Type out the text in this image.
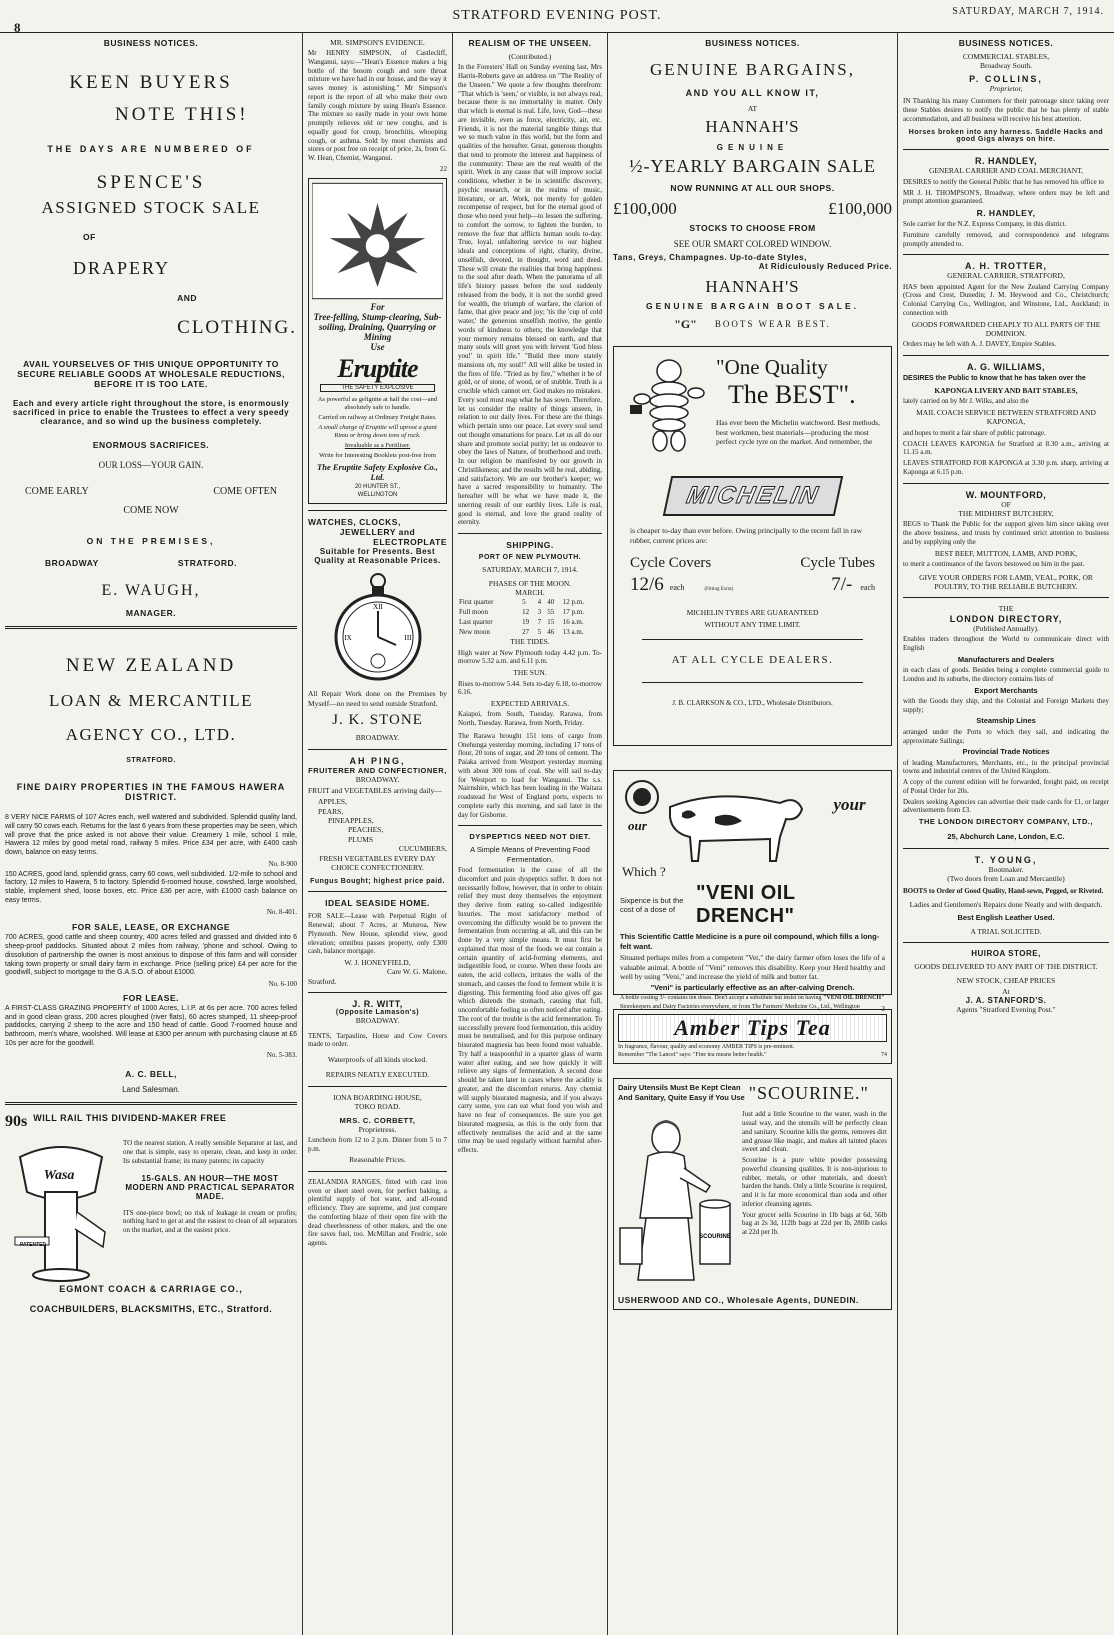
8
STRATFORD EVENING POST.	SATURDAY, MARCH 7, 1914.
BUSINESS NOTICES.
KEEN BUYERS
NOTE THIS!
THE DAYS ARE NUMBERED OF
SPENCE'S
ASSIGNED STOCK SALE
OF
DRAPERY
AND
CLOTHING.
AVAIL YOURSELVES OF THIS UNIQUE OPPORTUNITY TO SECURE RELIABLE GOODS AT WHOLESALE REDUCTIONS, BEFORE IT IS TOO LATE.
Each and every article right throughout the store, is enormously sacrificed in price to enable the Trustees to effect a very speedy clearance, and so wind up the business completely.
ENORMOUS SACRIFICES.
OUR LOSS—YOUR GAIN.
COME EARLY	COME OFTEN
COME NOW
ON THE PREMISES,
BROADWAY	STRATFORD.
E. WAUGH,
MANAGER.
NEW ZEALAND
LOAN & MERCANTILE
AGENCY CO., LTD.
STRATFORD.
FINE DAIRY PROPERTIES IN THE FAMOUS HAWERA DISTRICT.

8 VERY NICE FARMS of 107 Acres each, well watered and subdivided. Splendid quality land, will carry 50 cows each. Returns for the last 6 years from these properties may be seen, which will prove that the price asked is not above their value. Creamery 1 mile, school 1 mile, Hawera 12 miles by good metal road, railway 5 miles. Price £34 per acre, with £400 cash down, balance on easy terms.

No. 8-900

150 ACRES, good land, splendid grass, carry 60 cows, well subdivided. 1/2-mile to school and factory, 12 miles to Hawera, 5 to factory. Splendid 6-roomed house, cowshed, large woolshed, stable, implement shed, loose boxes, etc. Price £36 per acre, with £1000 cash balance on easy terms.

No. 8-401.

FOR SALE, LEASE, OR EXCHANGE

700 ACRES, good cattle and sheep country, 400 acres felled and grassed and divided into 6 sheep-proof paddocks. Situated about 2 miles from railway, 'phone and school. Owing to dissolution of partnership the owner is most anxious to dispose of this farm and will consider taking town property or small dairy farm in exchange. Price (selling price) £4 per acre for the goodwill, subject to mortgage to the G.A.S.O. of about £1000.

No. 6-100

FOR LEASE.

A FIRST-CLASS GRAZING PROPERTY of 1000 Acres, L.I.P. at 6s per acre. 700 acres felled and in good clean grass, 200 acres ploughed (river flats), 60 acres stumped, 11 sheep-proof paddocks, carrying 2 sheep to the acre and 150 head of cattle. Good 7-roomed house and bathroom, men's whare, woolshed. Will lease at £300 per annum with purchasing clause at £6 10s per acre for the goodwill.

No. 5-383.

A. C. BELL,
Land Salesman.
90s WILL RAIL THIS DIVIDEND-MAKER FREE
Wasa
PATENTED

TO the nearest station. A really sensible Separator at last, and one that is simple, easy to operate, clean, and keep in order. Its substantial frame; its many patents; its capacity

15-GALS. AN HOUR—THE MOST MODERN AND PRACTICAL SEPARATOR MADE.

ITS one-piece bowl; no risk of leakage in cream or profits; nothing hard to get at and the easiest to clean of all separators on the market, and at the easiest price.

EGMONT COACH & CARRIAGE CO.,
COACHBUILDERS, BLACKSMITHS, ETC., Stratford.
MR. SIMPSON'S EVIDENCE.

Mr HENRY SIMPSON, of Castlecliff, Wanganui, says:—"Hean's Essence makes a big bottle of the bosom cough and sore throat mixture we have had in our house, and the way it saves money is astonishing." Mr Simpson's report is the report of all who make their own family cough mixture by using Hean's Essence. The mixture so easily made in your own home promptly relieves old or new coughs, and is equally good for croup, bronchitis, whooping cough, or asthma. Sold by most chemists and stores or post free on receipt of price, 2s, from G. W. Hean, Chemist, Wanganui.

22

For
Tree-felling, Stump-clearing, Sub-soiling, Draining, Quarrying or Mining
Use
Eruptite
THE SAFETY EXPLOSIVE

As powerful as gelignite at half the cost—and absolutely safe to handle.

Carried on railway at Ordinary Freight Rates.

A small charge of Eruptite will uproot a giant Rimu or bring down tons of rock.

Invaluable as a Fertiliser.

Write for Interesting Booklets post-free from

The Eruptite Safety Explosive Co., Ltd.

20 HUNTER ST.,

WELLINGTON

WATCHES, CLOCKS,
JEWELLERY and
ELECTROPLATE
Suitable for Presents. Best Quality at Reasonable Prices.
XII
III
IX

All Repair Work done on the Premises by Myself—no need to send outside Stratford.

J. K. STONE
BROADWAY.
AH PING,
FRUITERER AND CONFECTIONER,
BROADWAY.

FRUIT and VEGETABLES arriving daily—

APPLES,
PEARS,
PINEAPPLES,
PEACHES,
PLUMS
CUCUMBERS,
FRESH VEGETABLES EVERY DAY
CHOICE CONFECTIONERY.
Fungus Bought; highest price paid.
IDEAL SEASIDE HOME.

FOR SALE—Lease with Perpetual Right of Renewal; about 7 Acres, at Muturoa, New Plymouth. New House, splendid view, good elevation; omnibus passes property, only £300 cash, balance mortgage.

W. J. HONEYFIELD,
Care W. G. Malone,
Stratford.
J. R. WITT,
(Opposite Lamason's)
BROADWAY.

TENTS, Tarpaulins, Horse and Cow Covers made to order.

Waterproofs of all kinds stocked.

REPAIRS NEATLY EXECUTED.

IONA BOARDING HOUSE,
TOKO ROAD.
MRS. C. CORBETT,
Proprietress.

Luncheon from 12 to 2 p.m. Dinner from 5 to 7 p.m.

Reasonable Prices.

ZEALANDIA RANGES, fitted with cast iron oven or sheet steel oven, for perfect baking, a plentiful supply of hot water, and all-round efficiency. They are supreme, and just compare the comforting blaze of their open fire with the dead cheerlessness of other makes, and the one fire saves fuel, too. McMillan and Fredric, sole agents.

REALISM OF THE UNSEEN.
(Contributed.)

In the Foresters' Hall on Sunday evening last, Mrs Harris-Roberts gave an address on "The Reality of the Unseen." We quote a few thoughts therefrom: "That which is 'seen,' or visible, is not always real, because there is no immortality in matter. Only that which is eternal is real. Life, love, God—these are invisible, even as force, electricity, air, etc. Friends, it is not the material tangible things that we so much value in this world, but the form and qualities of the hereafter. Great, generous thoughts that tend to promote the interest and happiness of the community: These are the real wealth of the spirit. Work in any cause that will improve social conditions, whether it be in scientific discovery, psychic research, or in the realms of music, literature, or art. Work, not merely for golden recompense of respect, but for the eternal good of those who need your help—to lessen the suffering, to comfort the sorrow, to lighten the burden, to remove the fear that afflicts human souls to-day. True, loyal, unfaltering service to our highest ideals and conceptions of right, charity, divine, unselfish, devoted, in thought, word and deed. These will create the realities that bring happiness to the soul after death. When the panorama of all life's history passes before the soul suddenly released from the body, it is not the sordid greed for wealth, the triumph of warfare, the clarion of fame, that give peace and joy; 'tis the 'cup of cold water,' the generous unselfish motive, the gentle words of kindness to others; the knowledge that your memory remains blessed on earth, and that many souls will greet you with fervent 'God bless you!' in spirit life." "Build thee more stately mansions oh, my soul!" All will alike be tested in the fires of life. "Tried as by fire," whether it be of gold, or of stone, of wood, or of stubble. Truth is a crucible which cannot err. God makes no mistakes. Every soul must reap what he has sown. Therefore, let us consider the reality of things unseen, in relation to our daily lives. For these are the things which pertain unto our peace. Let every soul send out thought emanations for peace. Let us all do our share and promote social purity; let us endeavor to obey the laws of Nature, of brotherhood and truth. In our religion be manifested by our growth in Christlikeness; and the results will be real, abiding, and satisfactory. We are our brother's keeper; we have a sacred responsibility to humanity. The hereafter will be what we have made it, the unerring result of our earthly lives. Life is real, good is eternal, and love the grand reality of eternity.

SHIPPING.
PORT OF NEW PLYMOUTH.
SATURDAY, MARCH 7, 1914.
PHASES OF THE MOON.
MARCH.
First quarter	5	4	40	12 p.m.
Full moon	12	3	55	17 p.m.
Last quarter	19	7	15	16 a.m.
New moon	27	5	46	13 a.m.
THE TIDES.

High water at New Plymouth today 4.42 p.m. To-morrow 5.32 a.m. and 6.11 p.m.

THE SUN.

Rises to-morrow 5.44. Sets to-day 6.18, to-morrow 6.16.

EXPECTED ARRIVALS.

Kaiapoi, from South, Tuesday. Rarawa, from North, Tuesday. Rarawa, from North, Friday.

The Rarawa brought 151 tons of cargo from Onehunga yesterday morning, including 17 tons of flour, 20 tons of sugar, and 20 tons of cement. The Paiaka arrived from Westport yesterday morning with about 300 tons of coal. She will sail to-day for Westport to load for Wanganui. The s.s. Nairnshire, which has been loading in the Waitara roadstead for West of England ports, expects to complete early this morning, and sail later in the day for Gisborne.

DYSPEPTICS NEED NOT DIET.
A Simple Means of Preventing Food Fermentation.

Food fermentation is the cause of all the discomfort and pain dyspeptics suffer. It does not necessarily follow, however, that in order to obtain relief they must deny themselves the enjoyment they derive from eating so-called indigestible luxuries. The most satisfactory method of overcoming the difficulty would be to prevent the fermentation from occurring at all, and this can be done by a very simple means. It must first be explained that most of the foods we eat contain a certain quantity of acid-forming elements, and indigestible food, or course. When these foods are eaten, the acid collects, irritates the walls of the stomach, and causes the food to ferment while it is digesting. This fermenting food also gives off gas which distends the stomach, causing that full, uncomfortable feeling so often noticed after eating. The root of the trouble is the acid fermentation. To successfully prevent food fermentation, this acidity must be neutralised, and for this purpose ordinary bisurated magnesia has been found most valuable. Try half a teaspoonful in a quarter glass of warm water after eating, and see how quickly it will relieve any signs of fermentation. A second dose should be taken later in cases where the acidity is greater, and the discomfort returns. Any chemist will supply bisurated magnesia, and if you always carry some, you can eat what food you wish and have no fear of consequences. Be sure you get bisurated magnesia, as this is the only form that effectively neutralises the acid and at the same time may be used regularly without harmful after-effects.

BUSINESS NOTICES.
GENUINE BARGAINS,
AND YOU ALL KNOW IT,
AT
HANNAH'S
GENUINE
½-YEARLY BARGAIN SALE
NOW RUNNING AT ALL OUR SHOPS.
£100,000	£100,000
STOCKS TO CHOOSE FROM
SEE OUR SMART COLORED WINDOW.
Tans, Greys, Champagnes. Up-to-date Styles,
At Ridiculously Reduced Price.
HANNAH'S
GENUINE BARGAIN BOOT SALE.
"G" BOOTS WEAR BEST.
"One Quality
The BEST".

Has ever been the Michelin watchword. Best methods, best workmen, best materials—producing the most perfect cycle tyre on the market. And remember, the

MICHELIN

is cheaper to-day than ever before. Owing principally to the recent fall in raw rubber, current prices are:

Cycle Covers	Cycle Tubes
12/6 each	(Fitting Extra)	7/- each
MICHELIN TYRES ARE GUARANTEED
WITHOUT ANY TIME LIMIT.
AT ALL CYCLE DEALERS.
J. B. CLARKSON & CO., LTD., Wholesale Distributors.
our
your
Which ?
Sixpence is but the cost of a dose of
"VENI OIL DRENCH"

This Scientific Cattle Medicine is a pure oil compound, which fills a long-felt want.

Situated perhaps miles from a competent "Vet," the dairy farmer often loses the life of a valuable animal. A bottle of "Veni" removes this disability. Keep your Herd healthy and well by using "Veni," and increase the yield of milk and butter fat.

"Veni" is particularly effective as an after-calving Drench.

A bottle costing 3/- contains ten doses. Don't accept a substitute but insist on having "VENI OIL DRENCH"

Storekeepers and Dairy Factories everywhere, or from The Farmers' Medicine Co., Ltd., Wellington	3
Amber Tips Tea
In fragrance, flavour, quality and economy AMBER TIPS is pre-eminent.
Remember "The Lancet" says: "Fine tea means better health."	74
Dairy Utensils Must Be Kept Clean
And Sanitary, Quite Easy if You Use "SCOURINE."
SCOURINE

Just add a little Scourine to the water, wash in the usual way, and the utensils will be perfectly clean and sanitary. Scourine kills the germs, removes dirt and grease like magic, and makes all tainted places sweet and clean.

Scourine is a pure white powder possessing powerful cleansing qualities. It is non-injurious to rubber, metals, or other materials, and doesn't harden the hands. Only a little Scourine is required, and it is far more economical than soda and other inferior cleansing agents.

Your grocer sells Scourine in 1lb bags at 6d, 56lb bag at 2s 3d, 112lb bags at 22d per lb, 280lb casks at 22d per lb.

USHERWOOD AND CO., Wholesale Agents, DUNEDIN.
BUSINESS NOTICES.
COMMERCIAL STABLES,
Broadway South.
P. COLLINS,
Proprietor,

IN Thanking his many Customers for their patronage since taking over these Stables desires to notify the public that he has plenty of stable accommodation, and all business will receive his best attention.

Horses broken into any harness. Saddle Hacks and good Gigs always on hire.

R. HANDLEY,
GENERAL CARRIER AND COAL MERCHANT,

DESIRES to notify the General Public that he has removed his office to

MR J. H. THOMPSON'S, Broadway, where orders may be left and prompt attention guaranteed.

R. HANDLEY,

Sole carrier for the N.Z. Express Company, in this district.

Furniture carefully removed, and correspondence and telegrams promptly attended to.

A. H. TROTTER,
GENERAL CARRIER, STRATFORD,

HAS been appointed Agent for the New Zealand Carrying Company (Cross and Crest, Dunedin; J. M. Heywood and Co., Christchurch; Colonial Carrying Co., Wellington, and Winstone, Ltd., Auckland; in connection with

GOODS FORWARDED CHEAPLY TO ALL PARTS OF THE DOMINION.

Orders may be left with A. J. DAVEY, Empire Stables.

A. G. WILLIAMS,

DESIRES the Public to know that he has taken over the

KAPONGA LIVERY AND BAIT STABLES,

lately carried on by Mr J. Wilks, and also the

MAIL COACH SERVICE BETWEEN STRATFORD AND KAPONGA,

and hopes to merit a fair share of public patronage.

COACH LEAVES KAPONGA for Stratford at 8.30 a.m., arriving at 11.15 a.m.

LEAVES STRATFORD FOR KAPONGA at 3.30 p.m. sharp, arriving at Kaponga at 6.15 p.m.

W. MOUNTFORD,
OF
THE MIDHIRST BUTCHERY,

BEGS to Thank the Public for the support given him since taking over the above business, and trusts by continued strict attention to business and by supplying only the

BEST BEEF, MUTTON, LAMB, AND PORK,

to merit a continuance of the favors bestowed on him in the past.

GIVE YOUR ORDERS FOR LAMB, VEAL, PORK, OR POULTRY, TO THE RELIABLE BUTCHERY.

THE
LONDON DIRECTORY,
(Published Annually).

Enables traders throughout the World to communicate direct with English

Manufacturers and Dealers

in each class of goods. Besides being a complete commercial guide to London and its suburbs, the directory contains lists of

Export Merchants

with the Goods they ship, and the Colonial and Foreign Markets they supply;

Steamship Lines

arranged under the Ports to which they sail, and indicating the approximate Sailings;

Provincial Trade Notices

of leading Manufacturers, Merchants, etc., in the principal provincial towns and industrial centres of the United Kingdom.

A copy of the current edition will be forwarded, freight paid, on receipt of Postal Order for 20s.

Dealers seeking Agencies can advertise their trade cards for £1, or larger advertisements from £3.

THE LONDON DIRECTORY COMPANY, LTD.,

25, Abchurch Lane, London, E.C.

T. YOUNG,
Bootmaker.
(Two doors from Loan and Mercantile)

BOOTS to Order of Good Quality, Hand-sewn, Pegged, or Riveted.

Ladies and Gentlemen's Repairs done Neatly and with despatch.

Best English Leather Used.

A TRIAL SOLICITED.

HUIROA STORE,

GOODS DELIVERED TO ANY PART OF THE DISTRICT.

NEW STOCK, CHEAP PRICES

At
J. A. STANFORD'S.
Agents "Stratford Evening Post."
